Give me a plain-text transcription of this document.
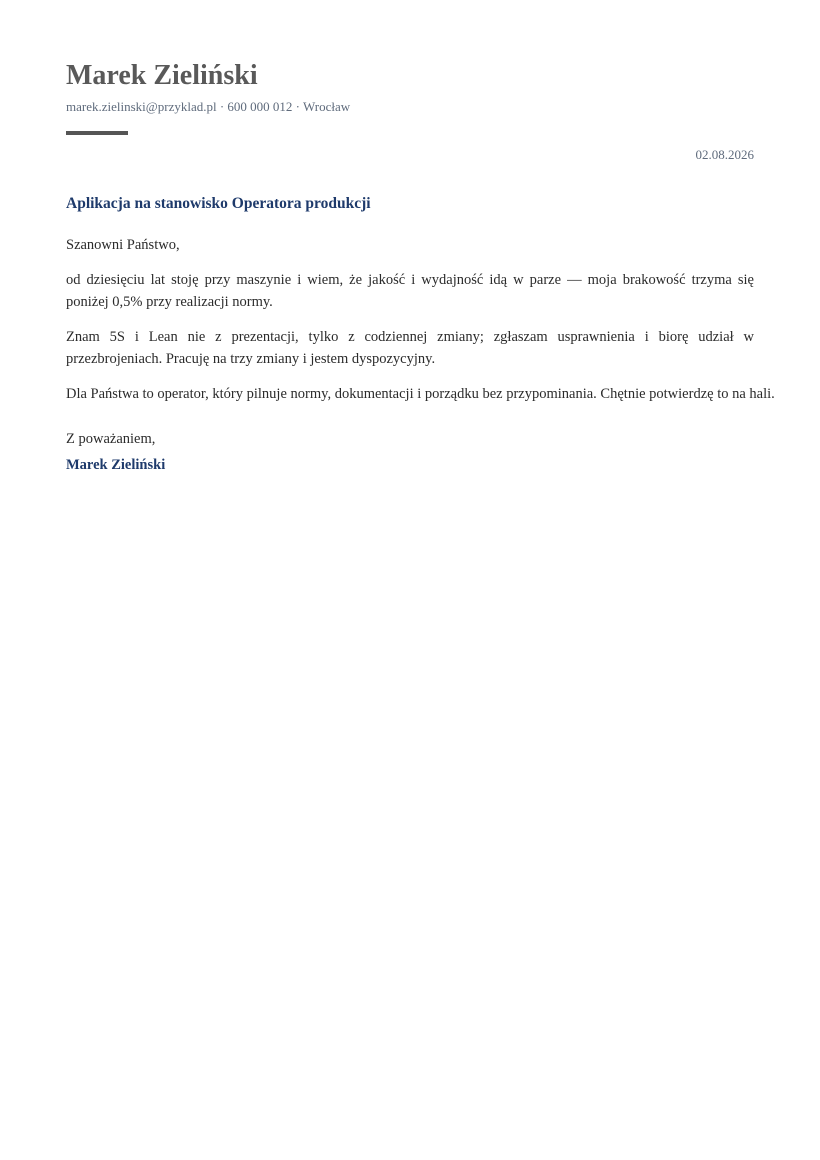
Marek Zieliński
marek.zielinski@przyklad.pl · 600 000 012 · Wrocław
02.08.2026
Aplikacja na stanowisko Operatora produkcji
Szanowni Państwo,

od dziesięciu lat stoję przy maszynie i wiem, że jakość i wydajność idą w parze — moja brakowość trzyma się poniżej 0,5% przy realizacji normy.

Znam 5S i Lean nie z prezentacji, tylko z codziennej zmiany; zgłaszam usprawnienia i biorę udział w przezbrojeniach. Pracuję na trzy zmiany i jestem dyspozycyjny.

Dla Państwa to operator, który pilnuje normy, dokumentacji i porządku bez przypominania. Chętnie potwierdzę to na hali.

Z poważaniem,
Marek Zieliński
